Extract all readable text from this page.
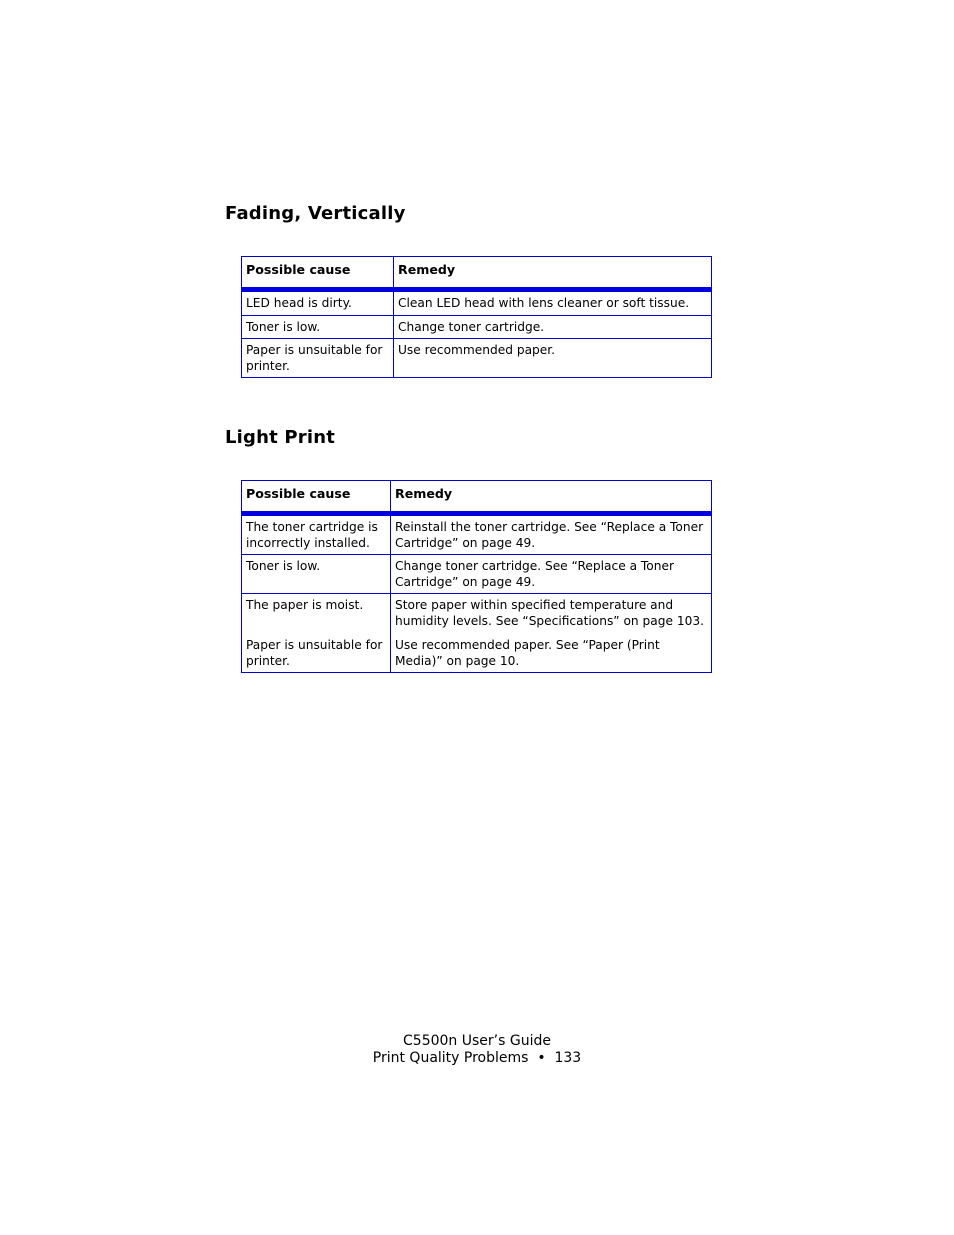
Fading, Vertically
Possible cause	Remedy
LED head is dirty.	Clean LED head with lens cleaner or soft tissue.
Toner is low.	Change toner cartridge.
Paper is unsuitable for printer.	Use recommended paper.
Light Print
Possible cause	Remedy
The toner cartridge is incorrectly installed.	Reinstall the toner cartridge. See “Replace a Toner Cartridge” on page 49.
Toner is low.	Change toner cartridge. See “Replace a Toner Cartridge” on page 49.
The paper is moist.	Store paper within specified temperature and humidity levels. See “Specifications” on page 103.
Paper is unsuitable for printer.	Use recommended paper. See “Paper (Print Media)” on page 10.
C5500n User’s Guide
Print Quality Problems  •  133
